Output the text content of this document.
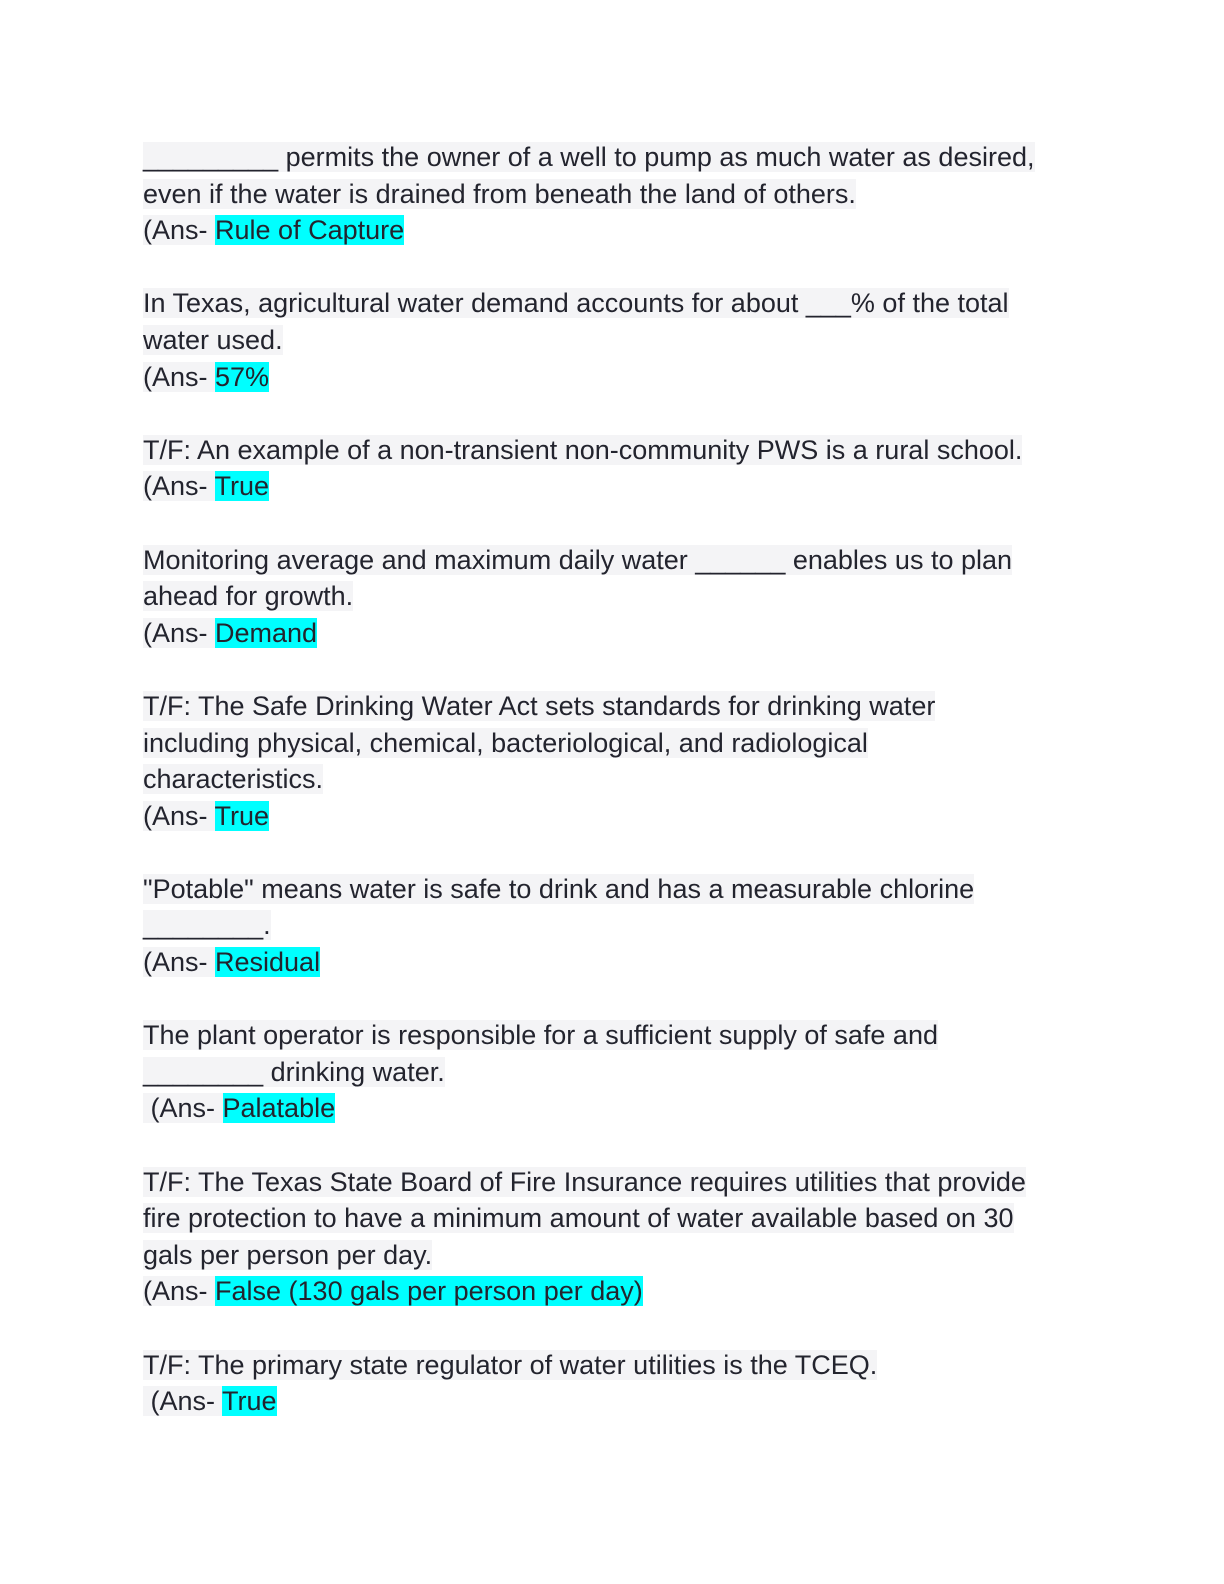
_________ permits the owner of a well to pump as much water as desired,
even if the water is drained from beneath the land of others.
(Ans- Rule of Capture
In Texas, agricultural water demand accounts for about ___% of the total
water used.
(Ans- 57%
T/F: An example of a non-transient non-community PWS is a rural school.
(Ans- True
Monitoring average and maximum daily water ______ enables us to plan
ahead for growth.
(Ans- Demand
T/F: The Safe Drinking Water Act sets standards for drinking water
including physical, chemical, bacteriological, and radiological
characteristics.
(Ans- True
"Potable" means water is safe to drink and has a measurable chlorine
________.
(Ans- Residual
The plant operator is responsible for a sufficient supply of safe and
________ drinking water.
(Ans- Palatable
T/F: The Texas State Board of Fire Insurance requires utilities that provide
fire protection to have a minimum amount of water available based on 30
gals per person per day.
(Ans- False (130 gals per person per day)
T/F: The primary state regulator of water utilities is the TCEQ.
(Ans- True
